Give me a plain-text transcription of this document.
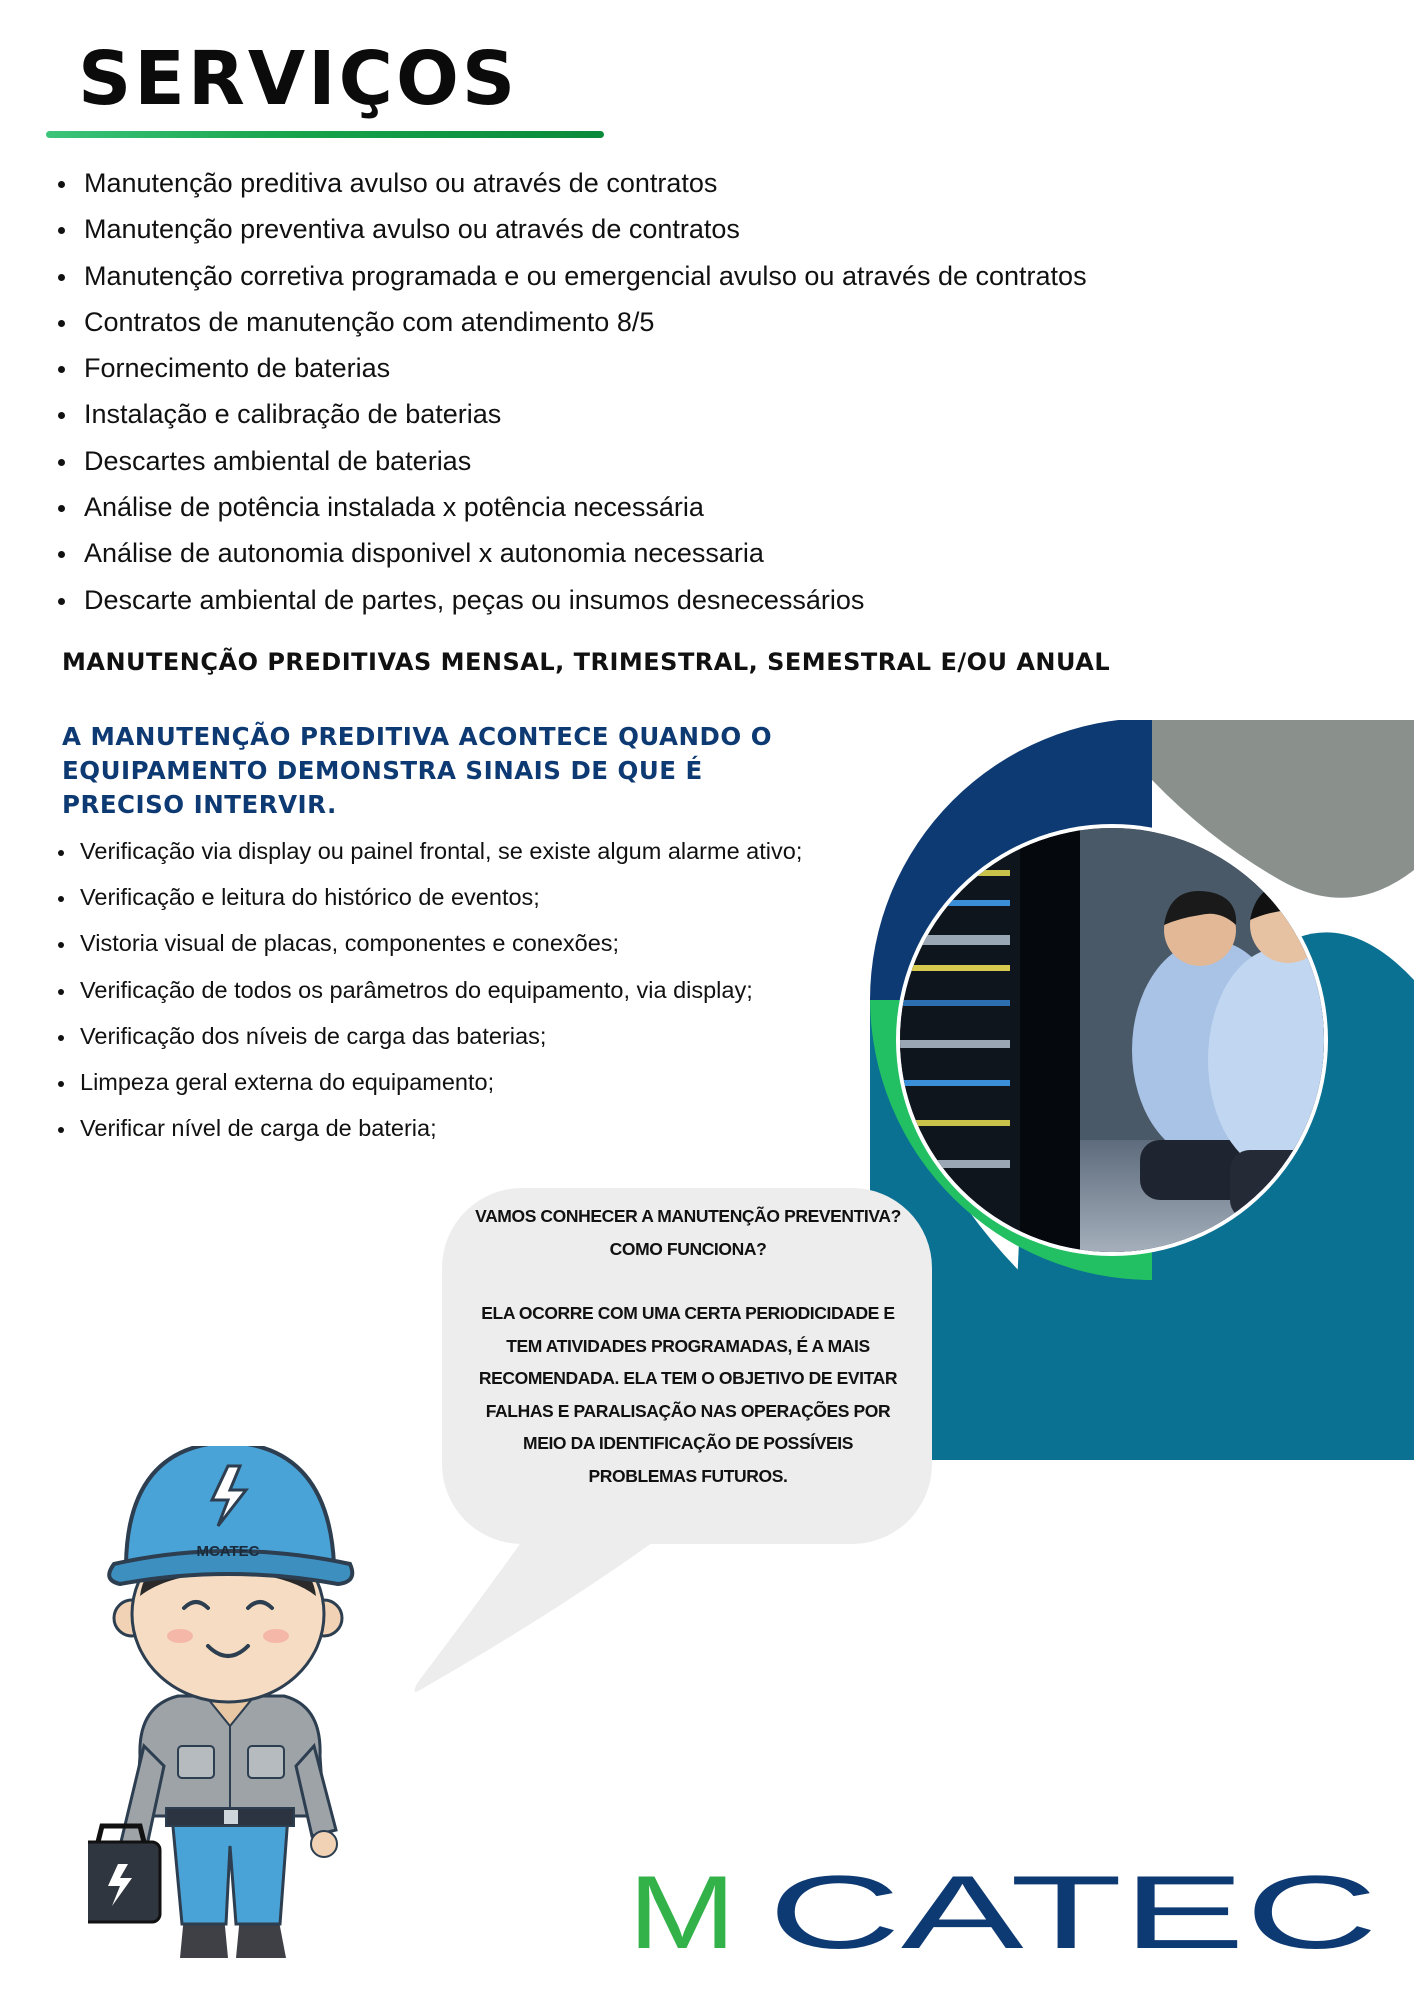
SERVIÇOS
Manutenção preditiva avulso ou através de contratos
Manutenção preventiva avulso ou através de contratos
Manutenção corretiva programada e ou emergencial avulso ou através de contratos
Contratos de manutenção com atendimento 8/5
Fornecimento de baterias
Instalação e calibração de baterias
Descartes ambiental de baterias
Análise de potência instalada x potência necessária
Análise de autonomia disponivel x autonomia necessaria
Descarte ambiental de partes, peças ou insumos desnecessários
MANUTENÇÃO PREDITIVAS MENSAL, TRIMESTRAL, SEMESTRAL E/OU ANUAL
A MANUTENÇÃO PREDITIVA ACONTECE QUANDO O EQUIPAMENTO DEMONSTRA SINAIS DE QUE É PRECISO INTERVIR.
Verificação via display ou painel frontal, se existe algum alarme ativo;
Verificação e leitura do histórico de eventos;
Vistoria visual de placas, componentes e conexões;
Verificação de todos os parâmetros do equipamento, via display;
Verificação dos níveis de carga das baterias;
Limpeza geral externa do equipamento;
Verificar nível de carga de bateria;

VAMOS CONHECER A MANUTENÇÃO PREVENTIVA? COMO FUNCIONA?

ELA OCORRE COM UMA CERTA PERIODICIDADE E TEM ATIVIDADES PROGRAMADAS, É A MAIS RECOMENDADA. ELA TEM O OBJETIVO DE EVITAR FALHAS E PARALISAÇÃO NAS OPERAÇÕES POR MEIO DA IDENTIFICAÇÃO DE POSSÍVEIS PROBLEMAS FUTUROS.

MCATEC
M CATEC
